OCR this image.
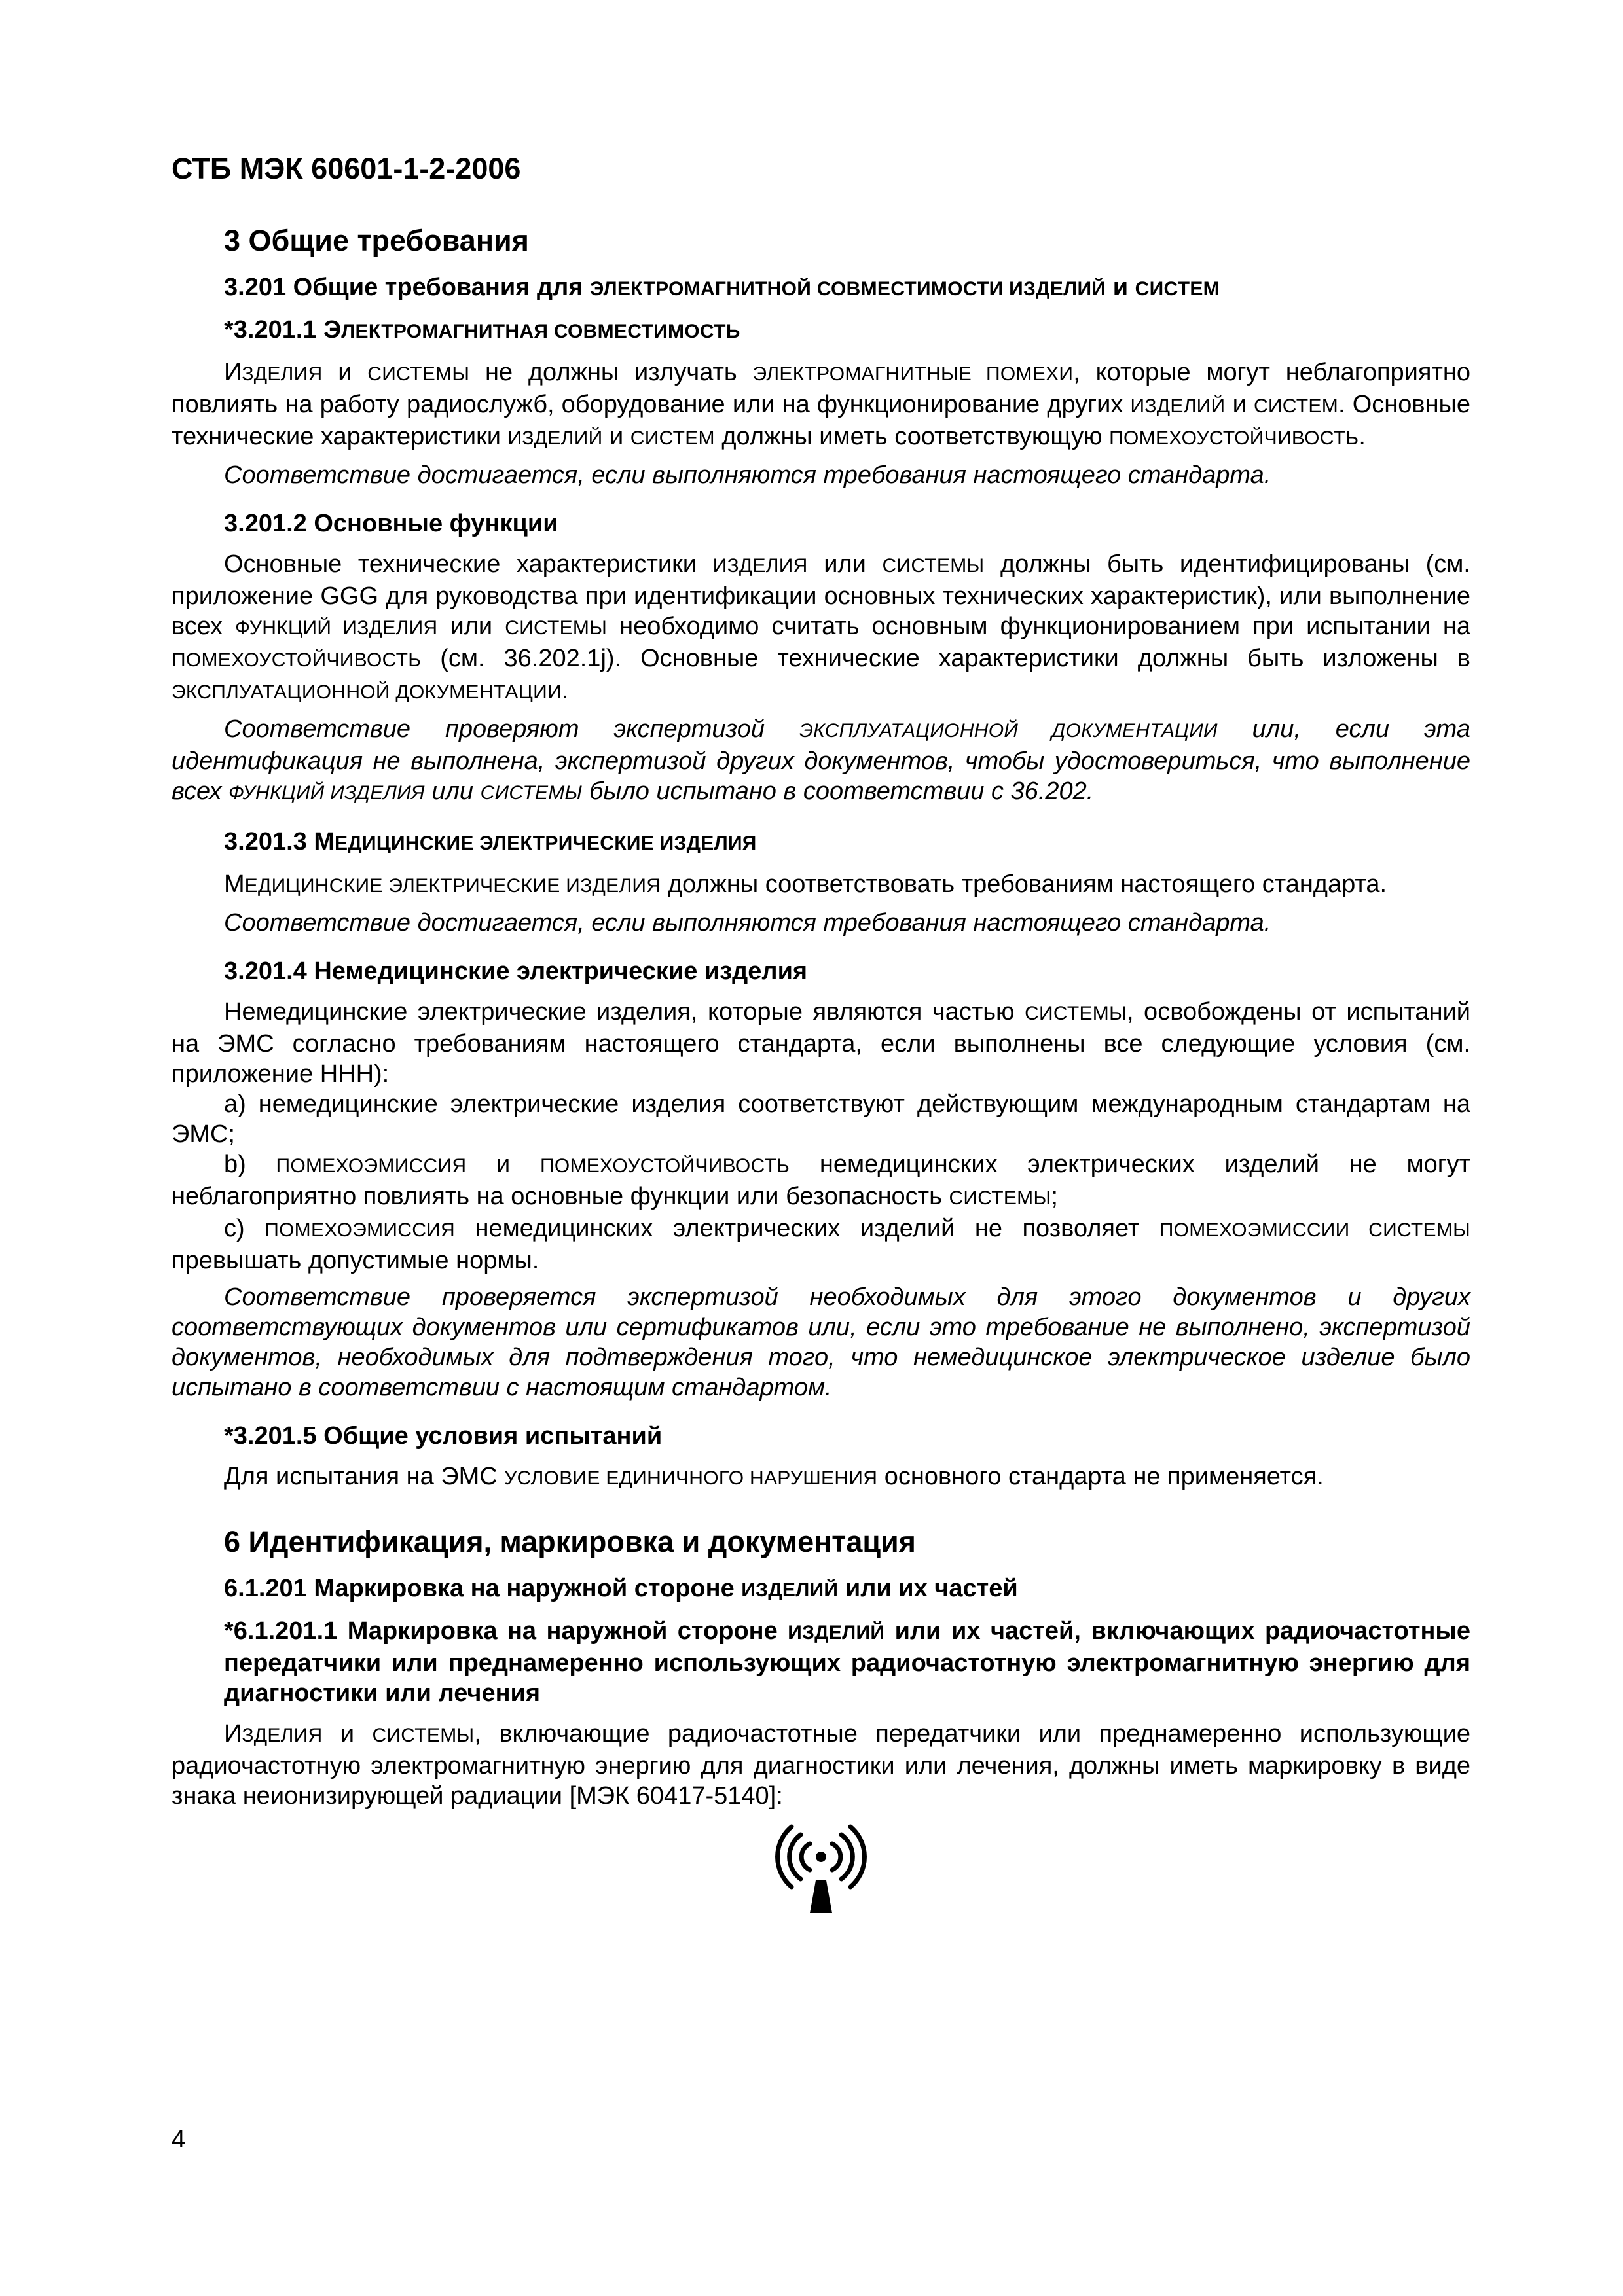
СТБ МЭК 60601-1-2-2006
3 Общие требования
3.201 Общие требования для ЭЛЕКТРОМАГНИТНОЙ СОВМЕСТИМОСТИ ИЗДЕЛИЙ и СИСТЕМ
*3.201.1 ЭЛЕКТРОМАГНИТНАЯ СОВМЕСТИМОСТЬ

ИЗДЕЛИЯ и СИСТЕМЫ не должны излучать ЭЛЕКТРОМАГНИТНЫЕ ПОМЕХИ, которые могут неблагоприятно повлиять на работу радиослужб, оборудование или на функционирование других ИЗДЕЛИЙ и СИСТЕМ. Основные технические характеристики ИЗДЕЛИЙ и СИСТЕМ должны иметь соответствующую ПОМЕХОУСТОЙЧИВОСТЬ.

Соответствие достигается, если выполняются требования настоящего стандарта.

3.201.2 Основные функции

Основные технические характеристики ИЗДЕЛИЯ или СИСТЕМЫ должны быть идентифицированы (см. приложение GGG для руководства при идентификации основных технических характеристик), или выполнение всех ФУНКЦИЙ ИЗДЕЛИЯ или СИСТЕМЫ необходимо считать основным функционированием при испытании на ПОМЕХОУСТОЙЧИВОСТЬ (см. 36.202.1j). Основные технические характеристики должны быть изложены в ЭКСПЛУАТАЦИОННОЙ ДОКУМЕНТАЦИИ.

Соответствие проверяют экспертизой ЭКСПЛУАТАЦИОННОЙ ДОКУМЕНТАЦИИ или, если эта идентификация не выполнена, экспертизой других документов, чтобы удостовериться, что выполнение всех ФУНКЦИЙ ИЗДЕЛИЯ или СИСТЕМЫ было испытано в соответствии с 36.202.

3.201.3 МЕДИЦИНСКИЕ ЭЛЕКТРИЧЕСКИЕ ИЗДЕЛИЯ

МЕДИЦИНСКИЕ ЭЛЕКТРИЧЕСКИЕ ИЗДЕЛИЯ должны соответствовать требованиям настоящего стандарта.

Соответствие достигается, если выполняются требования настоящего стандарта.

3.201.4 Немедицинские электрические изделия

Немедицинские электрические изделия, которые являются частью СИСТЕМЫ, освобождены от испытаний на ЭМС согласно требованиям настоящего стандарта, если выполнены все следующие условия (см. приложение ННН):

а) немедицинские электрические изделия соответствуют действующим международным стандартам на ЭМС;

b) ПОМЕХОЭМИССИЯ и ПОМЕХОУСТОЙЧИВОСТЬ немедицинских электрических изделий не могут неблагоприятно повлиять на основные функции или безопасность СИСТЕМЫ;

с) ПОМЕХОЭМИССИЯ немедицинских электрических изделий не позволяет ПОМЕХОЭМИССИИ СИСТЕМЫ превышать допустимые нормы.

Соответствие проверяется экспертизой необходимых для этого документов и других соответствующих документов или сертификатов или, если это требование не выполнено, экспертизой документов, необходимых для подтверждения того, что немедицинское электрическое изделие было испытано в соответствии с настоящим стандартом.

*3.201.5 Общие условия испытаний

Для испытания на ЭМС УСЛОВИЕ ЕДИНИЧНОГО НАРУШЕНИЯ основного стандарта не применяется.

6 Идентификация, маркировка и документация
6.1.201 Маркировка на наружной стороне ИЗДЕЛИЙ или их частей
*6.1.201.1 Маркировка на наружной стороне ИЗДЕЛИЙ или их частей, включающих радиочастотные передатчики или преднамеренно использующих радиочастотную электромагнитную энергию для диагностики или лечения

ИЗДЕЛИЯ и СИСТЕМЫ, включающие радиочастотные передатчики или преднамеренно использующие радиочастотную электромагнитную энергию для диагностики или лечения, должны иметь маркировку в виде знака неионизирующей радиации [МЭК 60417-5140]:

4
